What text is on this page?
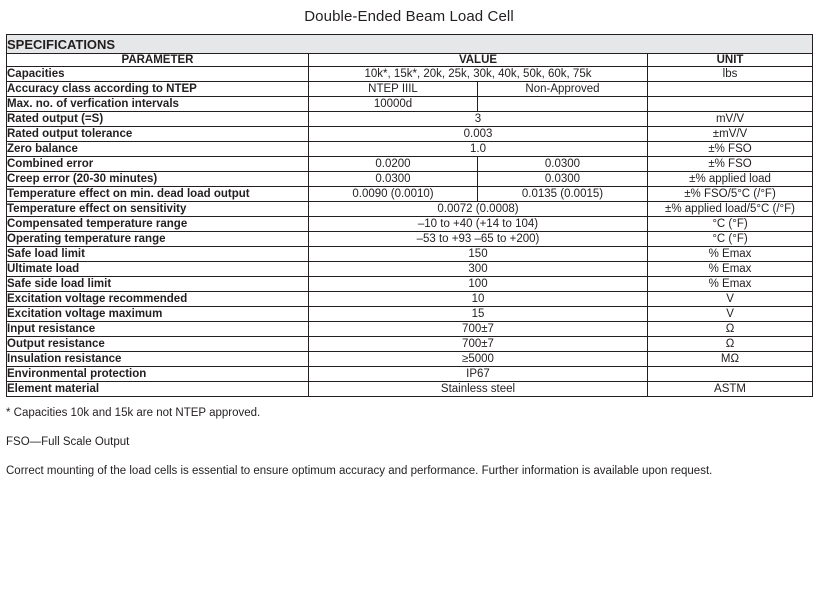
Double-Ended Beam Load Cell
SPECIFICATIONS			
PARAMETER	VALUE		UNIT
Capacities	10k*, 15k*, 20k, 25k, 30k, 40k, 50k, 60k, 75k		lbs
Accuracy class according to NTEP	NTEP IIIL	Non-Approved	
Max. no. of verfication intervals	10000d		
Rated output (=S)	3		mV/V
Rated output tolerance	0.003		±mV/V
Zero balance	1.0		±% FSO
Combined error	0.0200	0.0300	±% FSO
Creep error (20-30 minutes)	0.0300	0.0300	±% applied load
Temperature effect on min. dead load output	0.0090 (0.0010)	0.0135 (0.0015)	±% FSO/5°C (/°F)
Temperature effect on sensitivity	0.0072 (0.0008)		±% applied load/5°C (/°F)
Compensated temperature range	–10 to +40 (+14 to 104)		°C (°F)
Operating temperature range	–53 to +93 –65 to +200)		°C (°F)
Safe load limit	150		% Emax
Ultimate load	300		% Emax
Safe side load limit	100		% Emax
Excitation voltage recommended	10		V
Excitation voltage maximum	15		V
Input resistance	700±7		Ω
Output resistance	700±7		Ω
Insulation resistance	≥5000		MΩ
Environmental protection	IP67		
Element material	Stainless steel		ASTM
* Capacities 10k and 15k are not NTEP approved.
FSO—Full Scale Output
Correct mounting of the load cells is essential to ensure optimum accuracy and performance. Further information is available upon request.
